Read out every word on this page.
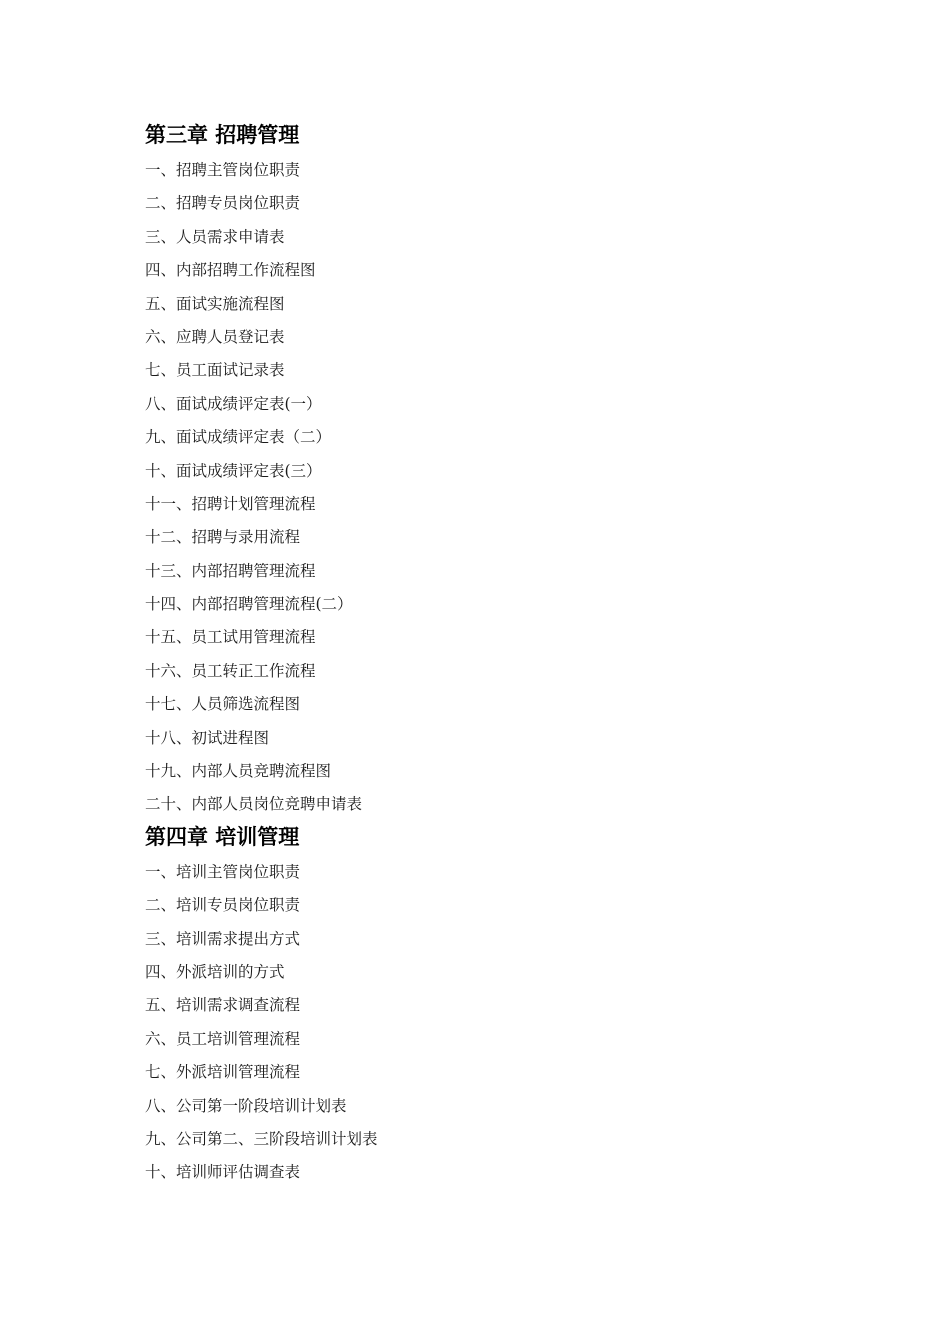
第三章 招聘管理
一、招聘主管岗位职责
二、招聘专员岗位职责
三、人员需求申请表
四、内部招聘工作流程图
五、面试实施流程图
六、应聘人员登记表
七、员工面试记录表
八、面试成绩评定表(一）
九、面试成绩评定表（二）
十、面试成绩评定表(三）
十一、招聘计划管理流程
十二、招聘与录用流程
十三、内部招聘管理流程
十四、内部招聘管理流程(二）
十五、员工试用管理流程
十六、员工转正工作流程
十七、人员筛选流程图
十八、初试进程图
十九、内部人员竞聘流程图
二十、内部人员岗位竞聘申请表
第四章 培训管理
一、培训主管岗位职责
二、培训专员岗位职责
三、培训需求提出方式
四、外派培训的方式
五、培训需求调查流程
六、员工培训管理流程
七、外派培训管理流程
八、公司第一阶段培训计划表
九、公司第二、三阶段培训计划表
十、培训师评估调查表
